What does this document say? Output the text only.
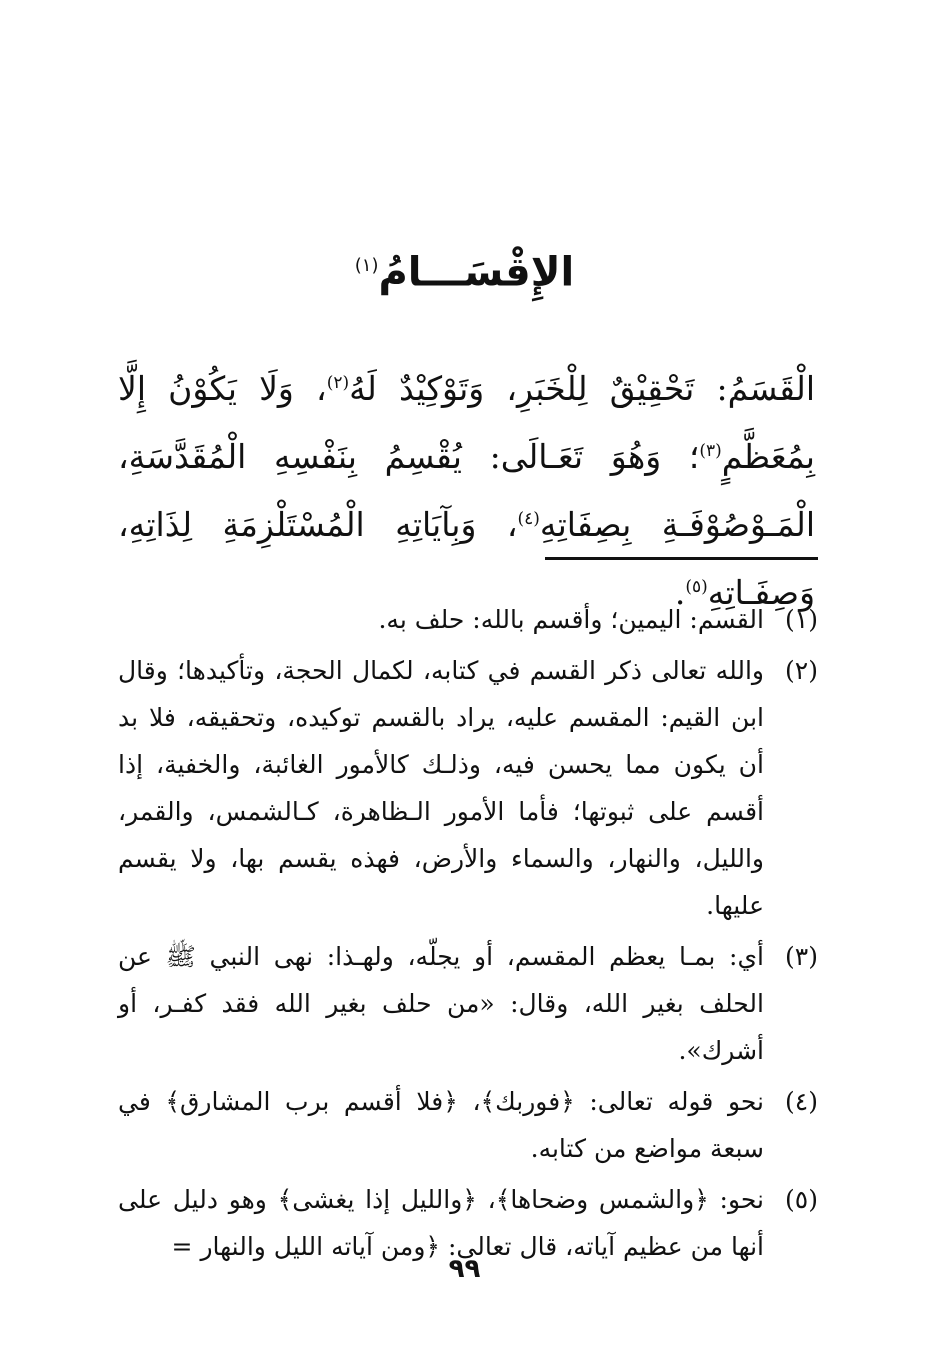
الإِقْسَـــامُ$^{(١)}$
الْقَسَمُ: تَحْقِيْقٌ لِلْخَبَرِ، وَتَوْكِيْدٌ لَهُ$^{(٢)}$، وَلَا يَكُوْنُ إِلَّا بِمُعَظَّمٍ$^{(٣)}$؛ وَهُوَ تَعَـالَى: يُقْسِمُ بِنَفْسِهِ الْمُقَدَّسَةِ، الْمَـوْصُوْفَـةِ بِصِفَاتِهِ$^{(٤)}$، وَبِآيَاتِهِ الْمُسْتَلْزِمَةِ لِذَاتِهِ، وَصِفَـاتِهِ$^{(٥)}$.
(١)
القسم: اليمين؛ وأقسم بالله: حلف به.
(٢)
والله تعالى ذكر القسم في كتابه، لكمال الحجة، وتأكيدها؛ وقال ابن القيم: المقسم عليه، يراد بالقسم توكيده، وتحقيقه، فلا بد أن يكون مما يحسن فيه، وذلـك كالأمور الغائبة، والخفية، إذا أقسم على ثبوتها؛ فأما الأمور الـظاهرة، كـالشمس، والقمر، والليل، والنهار، والسماء والأرض، فهذه يقسم بها، ولا يقسم عليها.
(٣)
أي: بمـا يعظم المقسم، أو يجلّه، ولهـذا: نهى النبي ﷺ عن الحلف بغير الله، وقال: «من حلف بغير الله فقد كفـر، أو أشرك».
(٤)
نحو قوله تعالى: ﴿فوربك﴾، ﴿فلا أقسم برب المشارق﴾ في سبعة مواضع من كتابه.
(٥)
نحو: ﴿والشمس وضحاها﴾، ﴿والليل إذا يغشى﴾ وهو دليل على أنها من عظيم آياته، قال تعالى: ﴿ومن آياته الليل والنهار=
٩٩
